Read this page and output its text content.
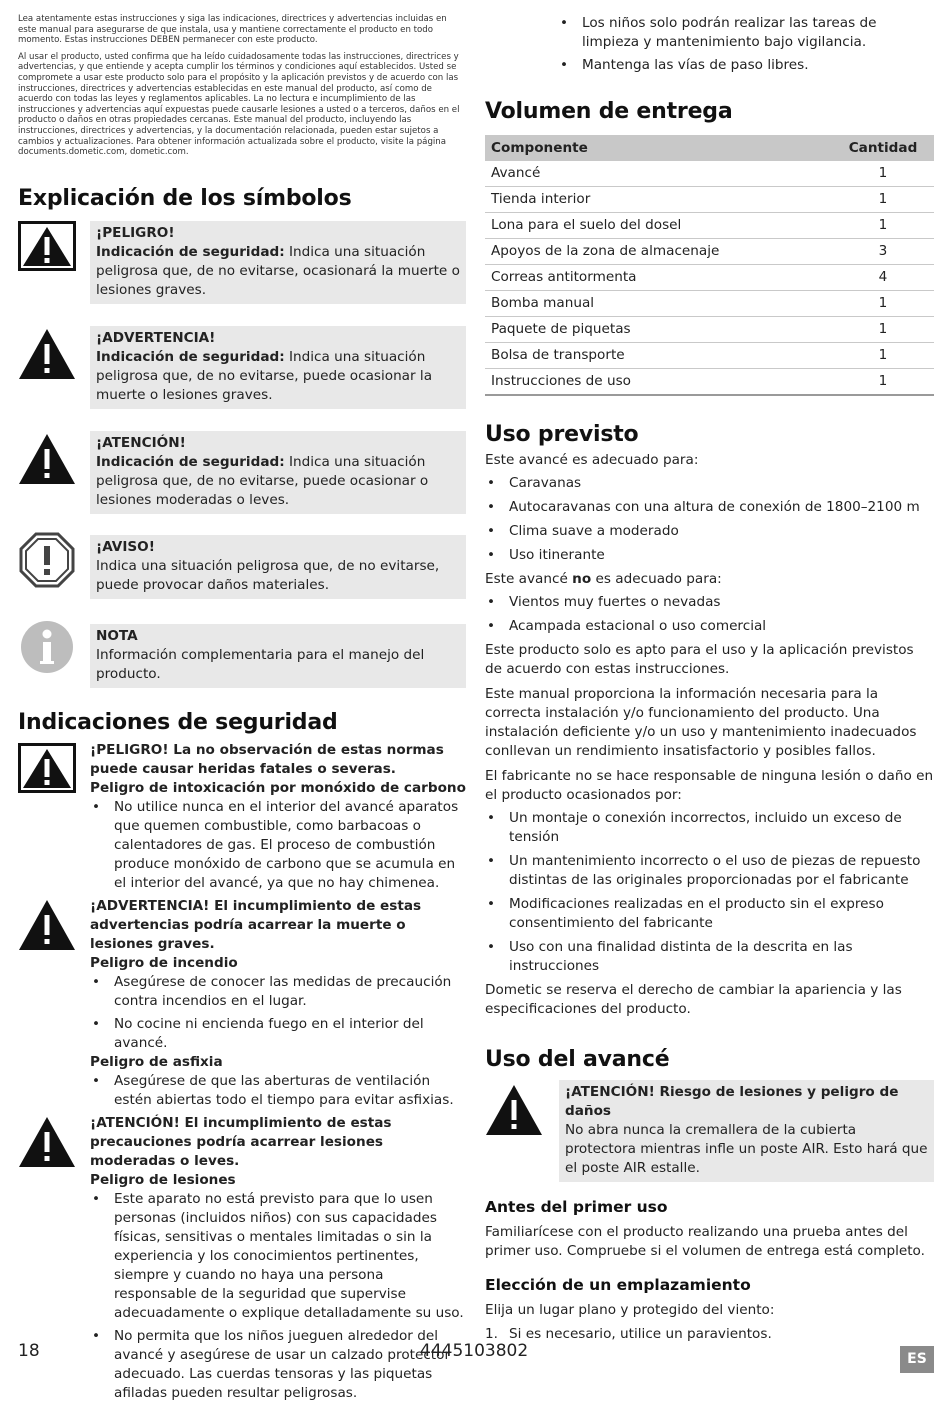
Lea atentamente estas instrucciones y siga las indicaciones, directrices y advertencias incluidas en este manual para asegurarse de que instala, usa y mantiene correctamente el producto en todo momento. Estas instrucciones DEBEN permanecer con este producto.

Al usar el producto, usted confirma que ha leído cuidadosamente todas las instrucciones, directrices y advertencias, y que entiende y acepta cumplir los términos y condiciones aquí establecidos. Usted se compromete a usar este producto solo para el propósito y la aplicación previstos y de acuerdo con las instrucciones, directrices y advertencias establecidas en este manual del producto, así como de acuerdo con todas las leyes y reglamentos aplicables. La no lectura e incumplimiento de las instrucciones y advertencias aquí expuestas puede causarle lesiones a usted o a terceros, daños en el producto o daños en otras propiedades cercanas. Este manual del producto, incluyendo las instrucciones, directrices y advertencias, y la documentación relacionada, pueden estar sujetos a cambios y actualizaciones. Para obtener información actualizada sobre el producto, visite la página documents.dometic.com, dometic.com.

Explicación de los símbolos
¡PELIGRO!
Indicación de seguridad: Indica una situación peligrosa que, de no evitarse, ocasionará la muerte o lesiones graves.
¡ADVERTENCIA!
Indicación de seguridad: Indica una situación peligrosa que, de no evitarse, puede ocasionar la muerte o lesiones graves.
¡ATENCIÓN!
Indicación de seguridad: Indica una situación peligrosa que, de no evitarse, puede ocasionar o lesiones moderadas o leves.
¡AVISO!
Indica una situación peligrosa que, de no evitarse, puede provocar daños materiales.
NOTA
Información complementaria para el manejo del producto.
Indicaciones de seguridad
¡PELIGRO! La no observación de estas normas puede causar heridas fatales o severas.
Peligro de intoxicación por monóxido de carbono
• No utilice nunca en el interior del avancé aparatos que quemen combustible, como barbacoas o calentadores de gas. El proceso de combustión produce monóxido de carbono que se acumula en el interior del avancé, ya que no hay chimenea.
¡ADVERTENCIA! El incumplimiento de estas advertencias podría acarrear la muerte o lesiones graves.
Peligro de incendio
• Asegúrese de conocer las medidas de precaución contra incendios en el lugar.
• No cocine ni encienda fuego en el interior del avancé.
Peligro de asfixia
• Asegúrese de que las aberturas de ventilación estén abiertas todo el tiempo para evitar asfixias.
¡ATENCIÓN! El incumplimiento de estas precauciones podría acarrear lesiones moderadas o leves.
Peligro de lesiones
• Este aparato no está previsto para que lo usen personas (incluidos niños) con sus capacidades físicas, sensitivas o mentales limitadas o sin la experiencia y los conocimientos pertinentes, siempre y cuando no haya una persona responsable de la seguridad que supervise adecuadamente o explique detalladamente su uso.
• No permita que los niños jueguen alrededor del avancé y asegúrese de usar un calzado protector adecuado. Las cuerdas tensoras y las piquetas afiladas pueden resultar peligrosas.
• Los niños solo podrán realizar las tareas de limpieza y mantenimiento bajo vigilancia.
• Mantenga las vías de paso libres.
Volumen de entrega
Componente	Cantidad
Avancé	1
Tienda interior	1
Lona para el suelo del dosel	1
Apoyos de la zona de almacenaje	3
Correas antitormenta	4
Bomba manual	1
Paquete de piquetas	1
Bolsa de transporte	1
Instrucciones de uso	1
Uso previsto

Este avancé es adecuado para:

• Caravanas
• Autocaravanas con una altura de conexión de 1800–2100 m
• Clima suave a moderado
• Uso itinerante

Este avancé no es adecuado para:

• Vientos muy fuertes o nevadas
• Acampada estacional o uso comercial

Este producto solo es apto para el uso y la aplicación previstos de acuerdo con estas instrucciones.

Este manual proporciona la información necesaria para la correcta instalación y/o funcionamiento del producto. Una instalación deficiente y/o un uso y mantenimiento inadecuados conllevan un rendimiento insatisfactorio y posibles fallos.

El fabricante no se hace responsable de ninguna lesión o daño en el producto ocasionados por:

• Un montaje o conexión incorrectos, incluido un exceso de tensión
• Un mantenimiento incorrecto o el uso de piezas de repuesto distintas de las originales proporcionadas por el fabricante
• Modificaciones realizadas en el producto sin el expreso consentimiento del fabricante
• Uso con una finalidad distinta de la descrita en las instrucciones

Dometic se reserva el derecho de cambiar la apariencia y las especificaciones del producto.

Uso del avancé
¡ATENCIÓN! Riesgo de lesiones y peligro de daños
No abra nunca la cremallera de la cubierta protectora mientras infle un poste AIR. Esto hará que el poste AIR estalle.
Antes del primer uso

Familiarícese con el producto realizando una prueba antes del primer uso. Compruebe si el volumen de entrega está completo.

Elección de un emplazamiento

Elija un lugar plano y protegido del viento:

1. Si es necesario, utilice un paravientos.
18	4445103802	ES
